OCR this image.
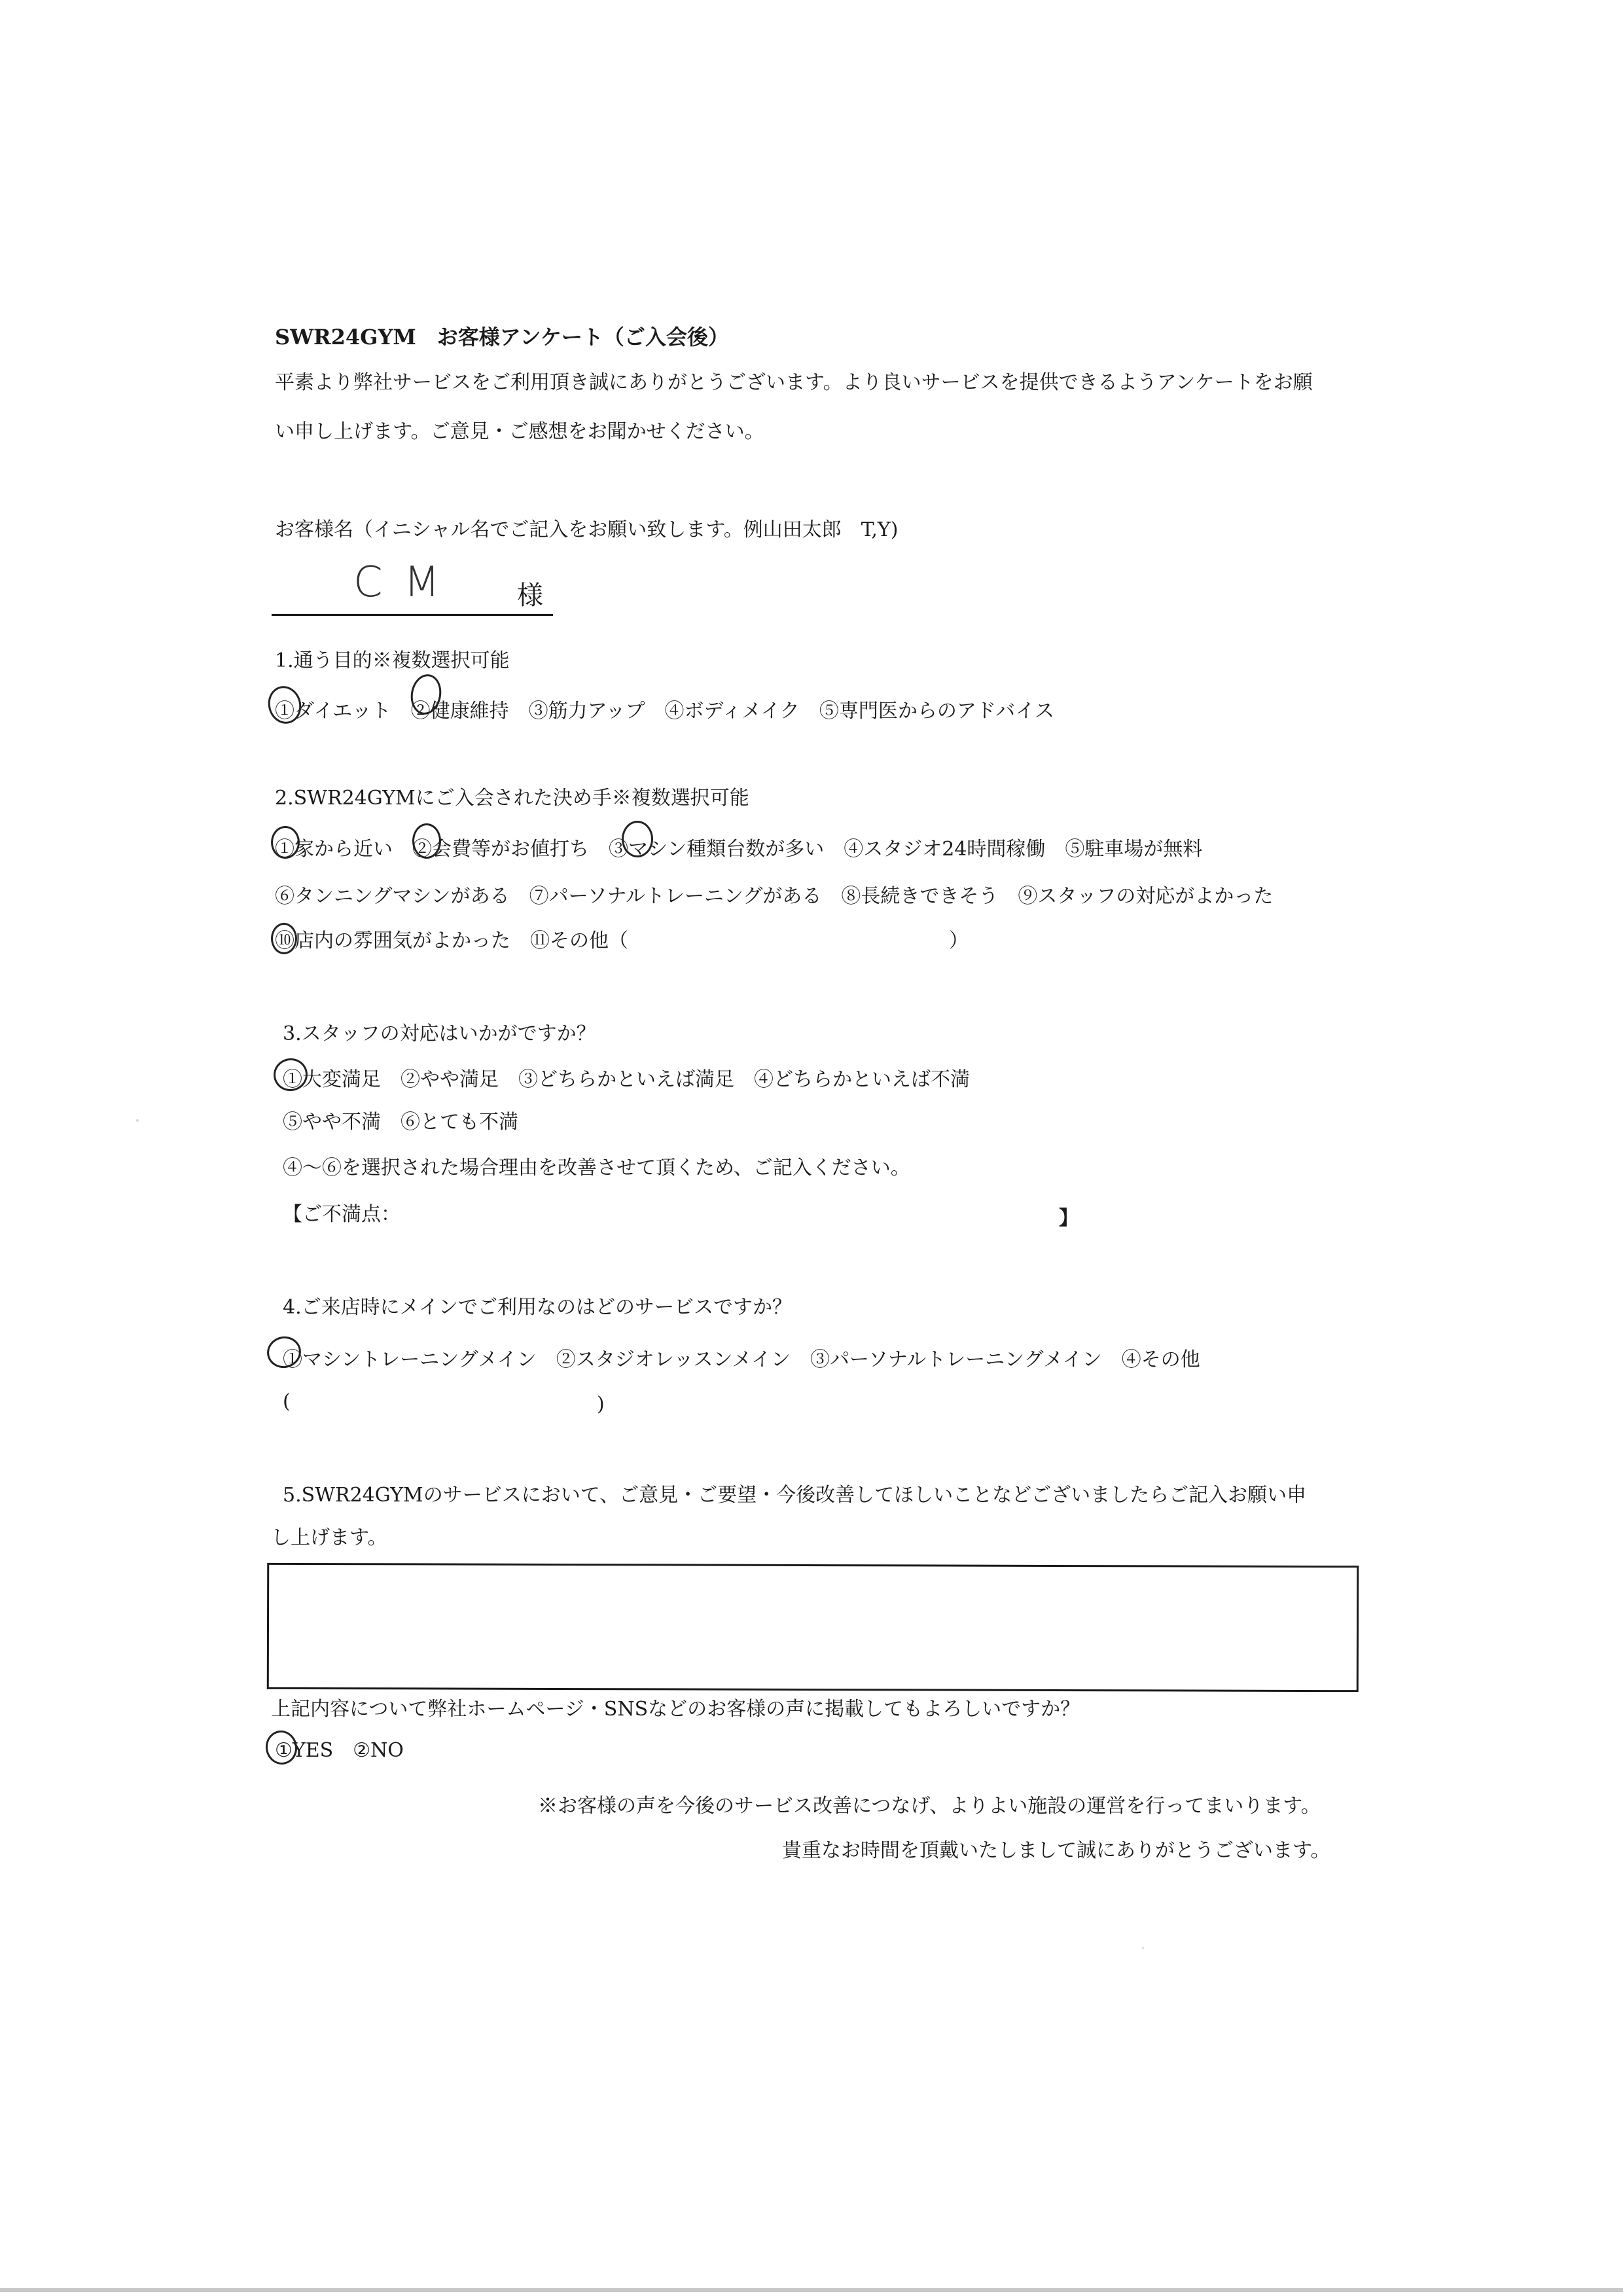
SWR24GYM　お客様アンケート（ご入会後）
平素より弊社サービスをご利用頂き誠にありがとうございます。より良いサービスを提供できるようアンケートをお願
い申し上げます。ご意見・ご感想をお聞かせください。
お客様名（イニシャル名でご記入をお願い致します。例山田太郎　T,Y)
C M	様
1.通う目的※複数選択可能
①ダイエット　②健康維持　③筋力アップ　④ボディメイク　⑤専門医からのアドバイス
2.SWR24GYMにご入会された決め手※複数選択可能
①家から近い　②会費等がお値打ち　③マシン種類台数が多い　④スタジオ24時間稼働　⑤駐車場が無料
⑥タンニングマシンがある　⑦パーソナルトレーニングがある　⑧長続きできそう　⑨スタッフの対応がよかった
⑩店内の雰囲気がよかった　⑪その他（	）
3.スタッフの対応はいかがですか？
①大変満足　②やや満足　③どちらかといえば満足　④どちらかといえば不満
⑤やや不満　⑥とても不満
④～⑥を選択された場合理由を改善させて頂くため、ご記入ください。
【ご不満点：	】
4.ご来店時にメインでご利用なのはどのサービスですか？
①マシントレーニングメイン　②スタジオレッスンメイン　③パーソナルトレーニングメイン　④その他
(	)
5.SWR24GYMのサービスにおいて、ご意見・ご要望・今後改善してほしいことなどございましたらご記入お願い申
し上げます。
上記内容について弊社ホームページ・SNSなどのお客様の声に掲載してもよろしいですか？
①YES　②NO
※お客様の声を今後のサービス改善につなげ、よりよい施設の運営を行ってまいります。
貴重なお時間を頂戴いたしまして誠にありがとうございます。
